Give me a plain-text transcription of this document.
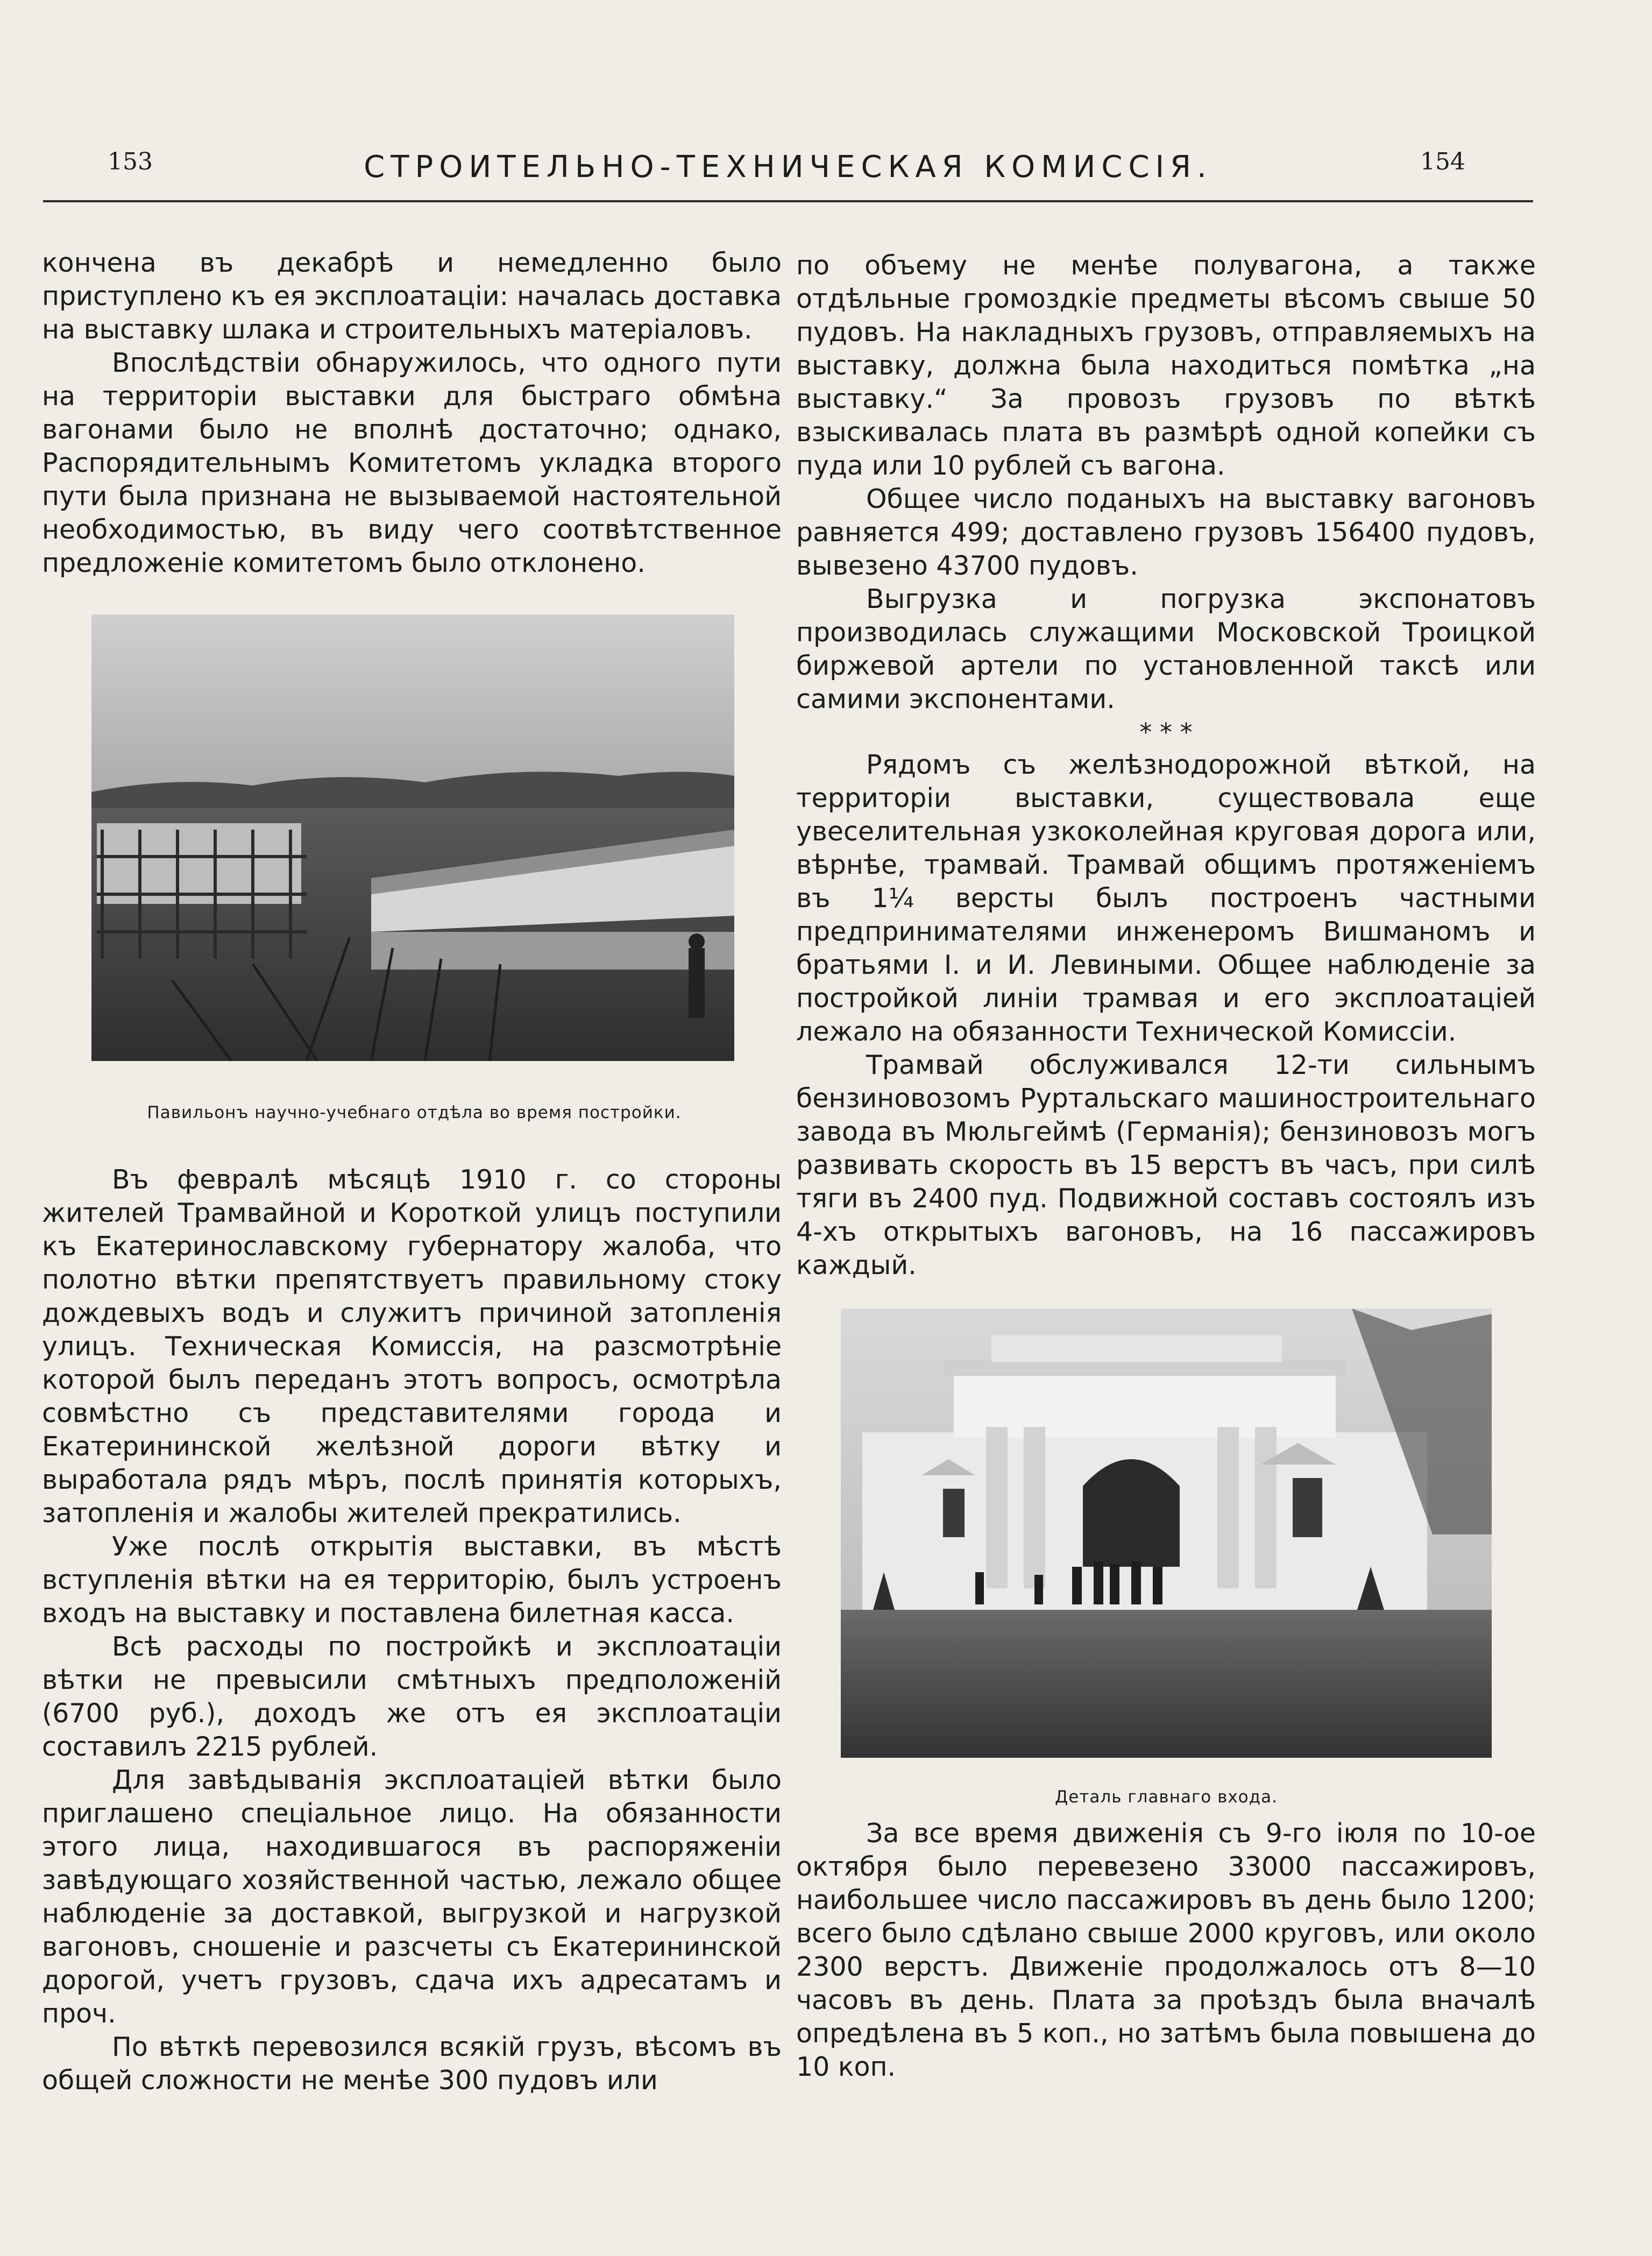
153	СТРОИТЕЛЬНО-ТЕХНИЧЕСКАЯ КОМИССІЯ.	154

кончена въ декабрѣ и немедленно было приступлено къ ея эксплоатаціи: началась доставка на выставку шлака и строительныхъ матеріаловъ.

Впослѣдствіи обнаружилось, что одного пути на территоріи выставки для быстраго обмѣна вагонами было не вполнѣ достаточно; однако, Распорядительнымъ Комитетомъ укладка второго пути была признана не вызываемой настоятельной необходимостью, въ виду чего соотвѣтственное предложеніе комитетомъ было отклонено.

Павильонъ научно-учебнаго отдѣла во время постройки.

Въ февралѣ мѣсяцѣ 1910 г. со стороны жителей Трамвайной и Короткой улицъ поступили къ Екатеринославскому губернатору жалоба, что полотно вѣтки препятствуетъ правильному стоку дождевыхъ водъ и служитъ причиной затопленія улицъ. Техническая Комиссія, на разсмотрѣніе которой былъ переданъ этотъ вопросъ, осмотрѣла совмѣстно съ представителями города и Екатерининской желѣзной дороги вѣтку и выработала рядъ мѣръ, послѣ принятія которыхъ, затопленія и жалобы жителей прекратились.

Уже послѣ открытія выставки, въ мѣстѣ вступленія вѣтки на ея территорію, былъ устроенъ входъ на выставку и поставлена билетная касса.

Всѣ расходы по постройкѣ и эксплоатаціи вѣтки не превысили смѣтныхъ предположеній (6700 руб.), доходъ же отъ ея эксплоатаціи составилъ 2215 рублей.

Для завѣдыванія эксплоатаціей вѣтки было приглашено спеціальное лицо. На обязанности этого лица, находившагося въ распоряженіи завѣдующаго хозяйственной частью, лежало общее наблюденіе за доставкой, выгрузкой и нагрузкой вагоновъ, сношеніе и разсчеты съ Екатерининской дорогой, учетъ грузовъ, сдача ихъ адресатамъ и проч.

По вѣткѣ перевозился всякій грузъ, вѣсомъ въ общей сложности не менѣе 300 пудовъ или

по объему не менѣе полувагона, а также отдѣльные громоздкіе предметы вѣсомъ свыше 50 пудовъ. На накладныхъ грузовъ, отправляемыхъ на выставку, должна была находиться помѣтка „на выставку.“ За провозъ грузовъ по вѣткѣ взыскивалась плата въ размѣрѣ одной копейки съ пуда или 10 рублей съ вагона.

Общее число поданыхъ на выставку вагоновъ равняется 499; доставлено грузовъ 156400 пудовъ, вывезено 43700 пудовъ.

Выгрузка и погрузка экспонатовъ производилась служащими Московской Троицкой биржевой артели по установленной таксѣ или самими экспонентами.

* * *

Рядомъ съ желѣзнодорожной вѣткой, на территоріи выставки, существовала еще увеселительная узкоколейная круговая дорога или, вѣрнѣе, трамвай. Трамвай общимъ протяженіемъ въ 1¼ версты былъ построенъ частными предпринимателями инженеромъ Вишманомъ и братьями І. и И. Левиными. Общее наблюденіе за постройкой линіи трамвая и его эксплоатаціей лежало на обязанности Технической Комиссіи.

Трамвай обслуживался 12-ти сильнымъ бензиновозомъ Руртальскаго машиностроительнаго завода въ Мюльгеймѣ (Германія); бензиновозъ могъ развивать скорость въ 15 верстъ въ часъ, при силѣ тяги въ 2400 пуд. Подвижной составъ состоялъ изъ 4-хъ открытыхъ вагоновъ, на 16 пассажировъ каждый.

Деталь главнаго входа.

За все время движенія съ 9-го іюля по 10-ое октября было перевезено 33000 пассажировъ, наибольшее число пассажировъ въ день было 1200; всего было сдѣлано свыше 2000 круговъ, или около 2300 верстъ. Движеніе продолжалось отъ 8—10 часовъ въ день. Плата за проѣздъ была вначалѣ опредѣлена въ 5 коп., но затѣмъ была повышена до 10 коп.
